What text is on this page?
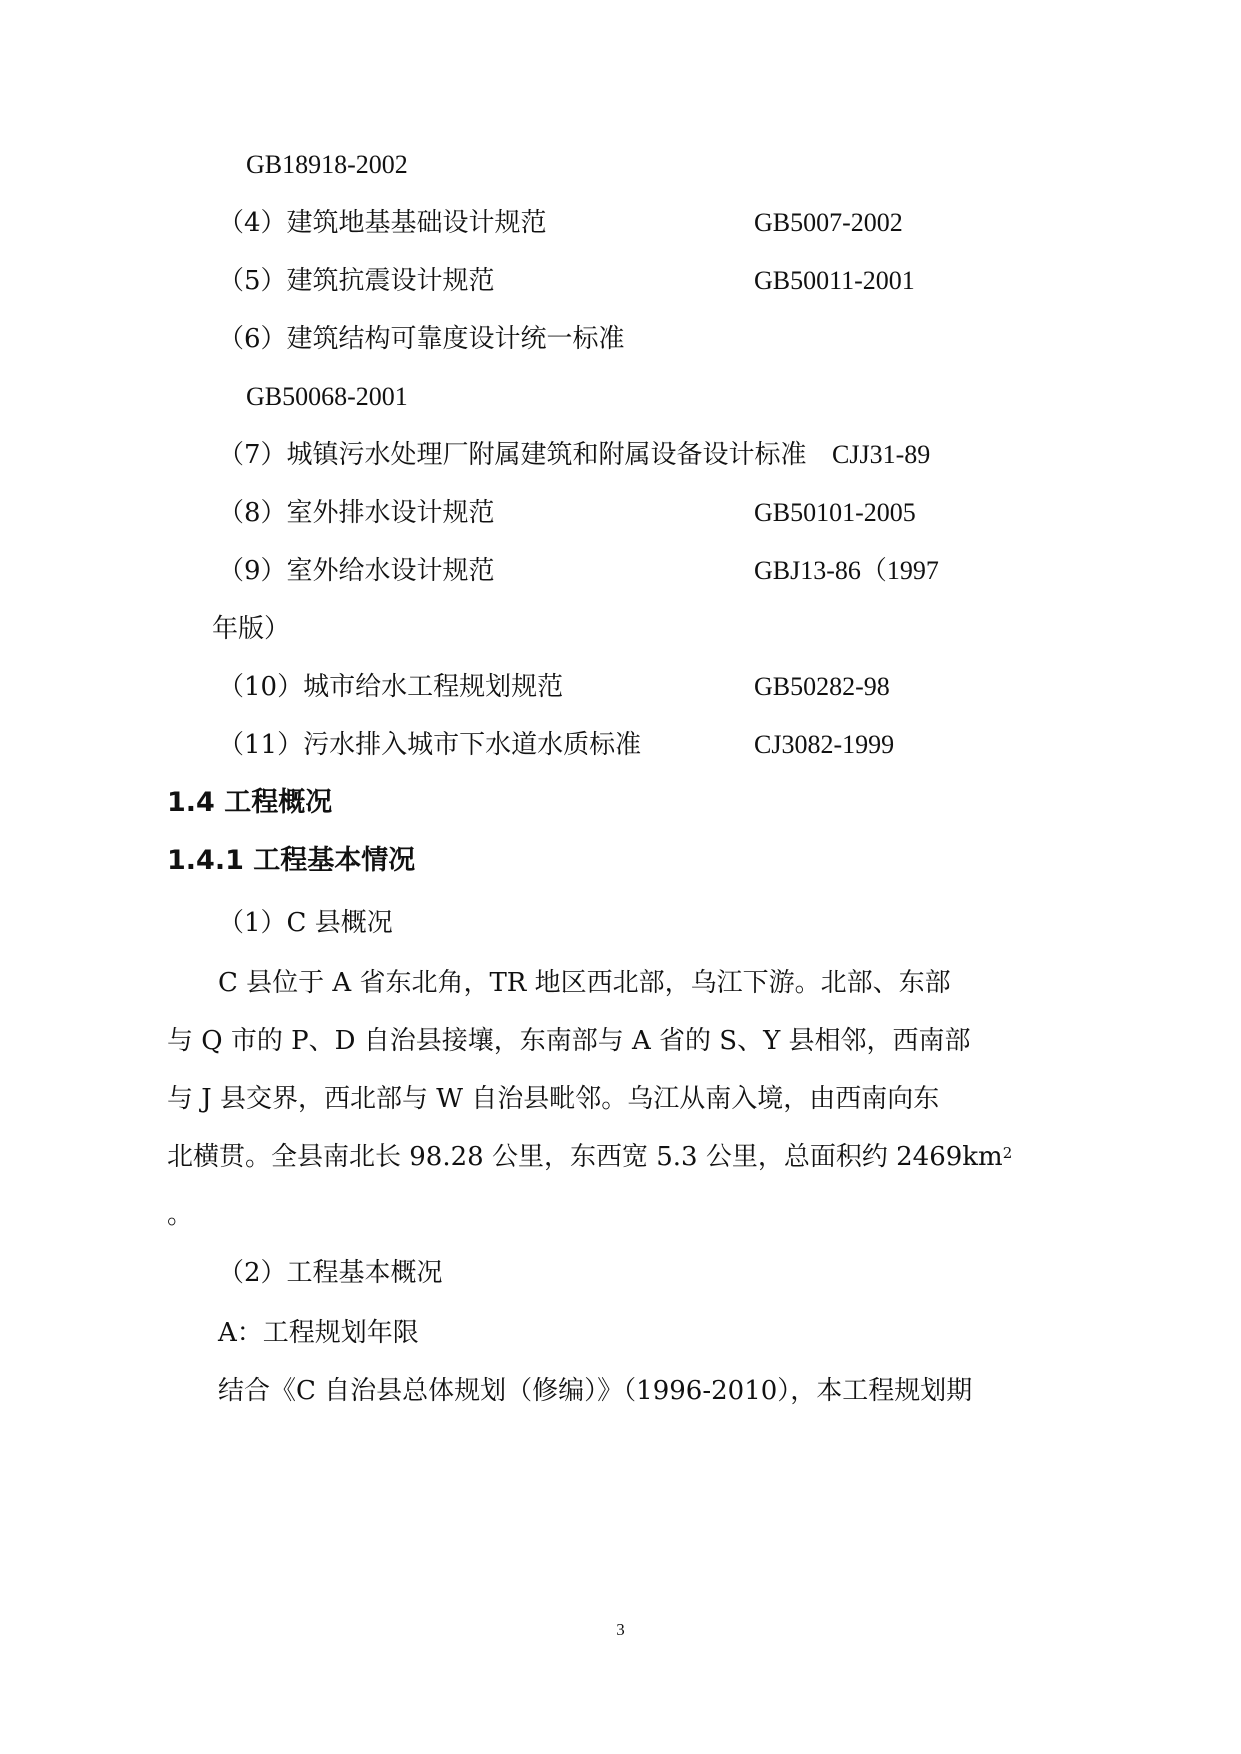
GB18918-2002
（4）建筑地基基础设计规范	GB5007-2002
（5）建筑抗震设计规范	GB50011-2001
（6）建筑结构可靠度设计统一标准
GB50068-2001
（7）城镇污水处理厂附属建筑和附属设备设计标准 CJJ31-89
（8）室外排水设计规范	GB50101-2005
（9）室外给水设计规范	GBJ13-86（1997
年版）
（10）城市给水工程规划规范	GB50282-98
（11）污水排入城市下水道水质标准	CJ3082-1999
1.4 工程概况
1.4.1 工程基本情况
（1）C 县概况
C 县位于 A 省东北角，TR 地区西北部，乌江下游。北部、东部
与 Q 市的 P、D 自治县接壤，东南部与 A 省的 S、Y 县相邻，西南部
与 J 县交界，西北部与 W 自治县毗邻。乌江从南入境，由西南向东
北横贯。全县南北长 98.28 公里，东西宽 5.3 公里，总面积约 $2469km^2$
。
（2）工程基本概况
A：工程规划年限
结合《C 自治县总体规划（修编）》（1996-2010），本工程规划期
3
